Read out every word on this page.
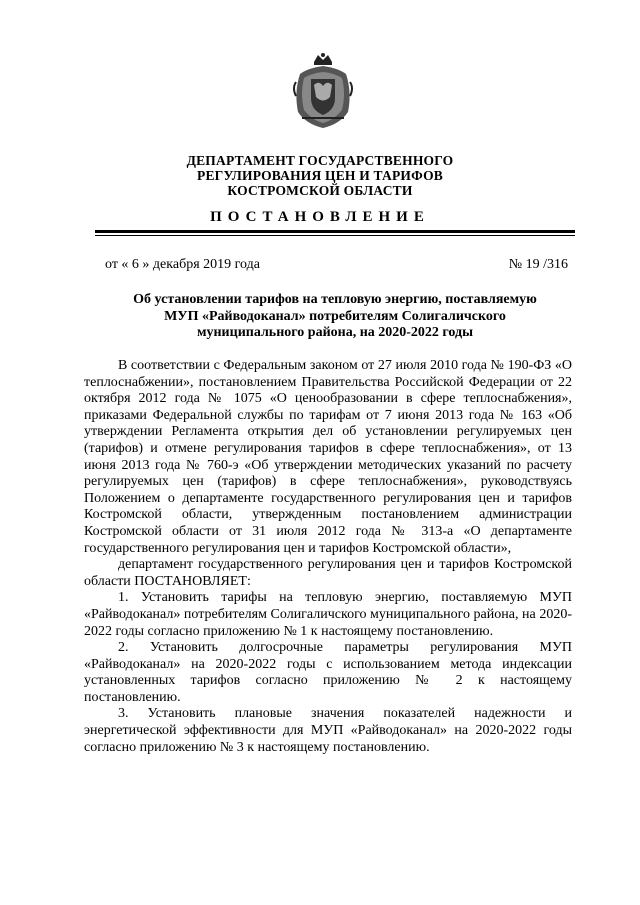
ДЕПАРТАМЕНТ ГОСУДАРСТВЕННОГО
РЕГУЛИРОВАНИЯ ЦЕН И ТАРИФОВ
КОСТРОМСКОЙ ОБЛАСТИ
ПОСТАНОВЛЕНИЕ
от « 6 » декабря 2019 года	№ 19 /316
Об установлении тарифов на тепловую энергию, поставляемую
МУП «Райводоканал» потребителям Солигаличского
муниципального района, на 2020-2022 годы

В соответствии с Федеральным законом от 27 июля 2010 года № 190-ФЗ «О теплоснабжении», постановлением Правительства Российской Федерации от 22 октября 2012 года № 1075 «О ценообразовании в сфере теплоснабжения», приказами Федеральной службы по тарифам от 7 июня 2013 года № 163 «Об утверждении Регламента открытия дел об установлении регулируемых цен (тарифов) и отмене регулирования тарифов в сфере теплоснабжения», от 13 июня 2013 года № 760-э «Об утверждении методических указаний по расчету регулируемых цен (тарифов) в сфере теплоснабжения», руководствуясь Положением о департаменте государственного регулирования цен и тарифов Костромской области, утвержденным постановлением администрации Костромской области от 31 июля 2012 года № 313-а «О департаменте государственного регулирования цен и тарифов Костромской области»,

департамент государственного регулирования цен и тарифов Костромской области ПОСТАНОВЛЯЕТ:

1. Установить тарифы на тепловую энергию, поставляемую МУП «Райводоканал» потребителям Солигаличского муниципального района, на 2020-2022 годы согласно приложению № 1 к настоящему постановлению.

2. Установить долгосрочные параметры регулирования МУП «Райводоканал» на 2020-2022 годы с использованием метода индексации установленных тарифов согласно приложению № 2 к настоящему постановлению.

3. Установить плановые значения показателей надежности и энергетической эффективности для МУП «Райводоканал» на 2020-2022 годы согласно приложению № 3 к настоящему постановлению.
